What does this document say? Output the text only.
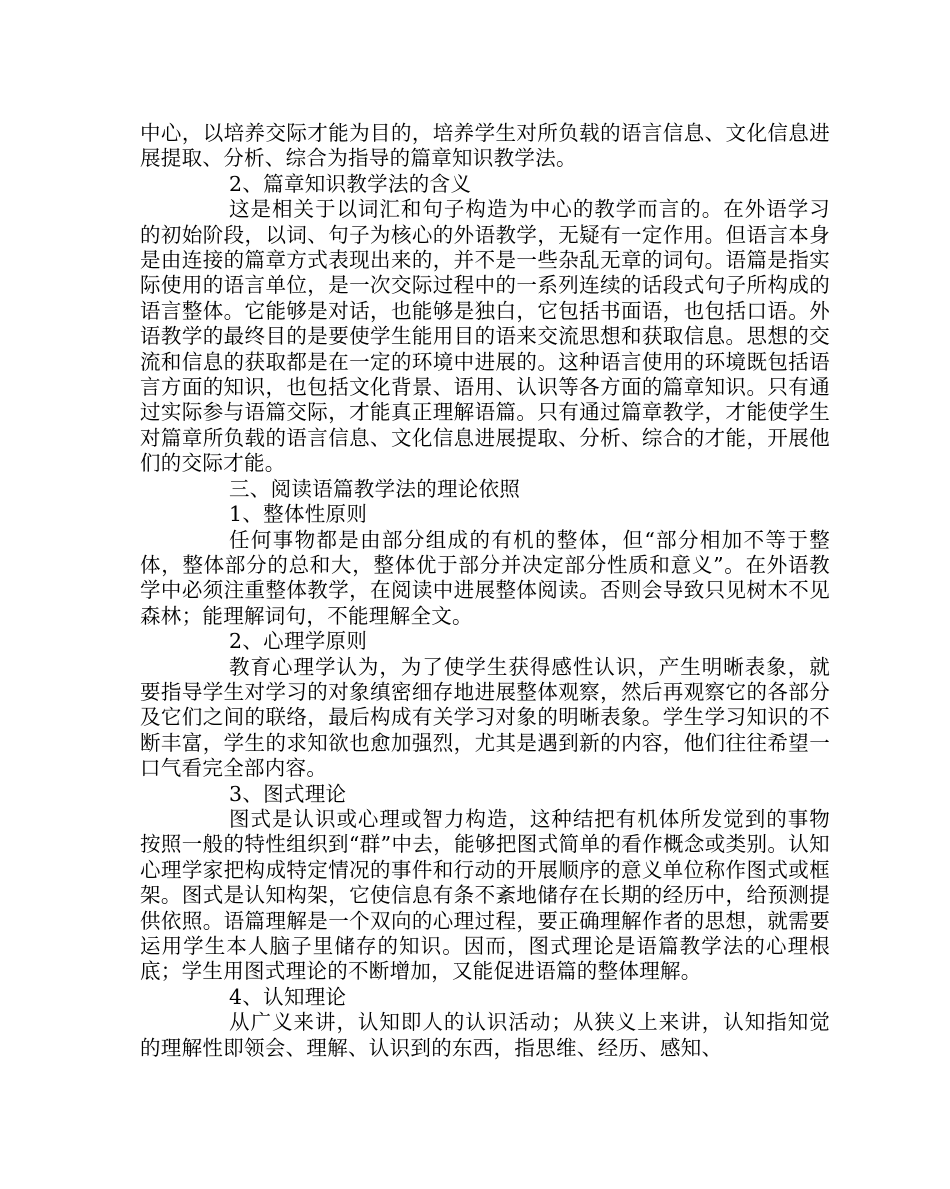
中心，以培养交际才能为目的，培养学生对所负载的语言信息、文化信息进展提取、分析、综合为指导的篇章知识教学法。

2、篇章知识教学法的含义

这是相关于以词汇和句子构造为中心的教学而言的。在外语学习的初始阶段，以词、句子为核心的外语教学，无疑有一定作用。但语言本身是由连接的篇章方式表现出来的，并不是一些杂乱无章的词句。语篇是指实际使用的语言单位，是一次交际过程中的一系列连续的话段式句子所构成的语言整体。它能够是对话，也能够是独白，它包括书面语，也包括口语。外语教学的最终目的是要使学生能用目的语来交流思想和获取信息。思想的交流和信息的获取都是在一定的环境中进展的。这种语言使用的环境既包括语言方面的知识，也包括文化背景、语用、认识等各方面的篇章知识。只有通过实际参与语篇交际，才能真正理解语篇。只有通过篇章教学，才能使学生对篇章所负载的语言信息、文化信息进展提取、分析、综合的才能，开展他们的交际才能。

三、阅读语篇教学法的理论依照

1、整体性原则

任何事物都是由部分组成的有机的整体，但“部分相加不等于整体，整体部分的总和大，整体优于部分并决定部分性质和意义”。在外语教学中必须注重整体教学，在阅读中进展整体阅读。否则会导致只见树木不见森林；能理解词句，不能理解全文。

2、心理学原则

教育心理学认为，为了使学生获得感性认识，产生明晰表象，就要指导学生对学习的对象缜密细存地进展整体观察，然后再观察它的各部分及它们之间的联络，最后构成有关学习对象的明晰表象。学生学习知识的不断丰富，学生的求知欲也愈加强烈，尤其是遇到新的内容，他们往往希望一口气看完全部内容。

3、图式理论

图式是认识或心理或智力构造，这种结把有机体所发觉到的事物按照一般的特性组织到“群”中去，能够把图式简单的看作概念或类别。认知心理学家把构成特定情况的事件和行动的开展顺序的意义单位称作图式或框架。图式是认知构架，它使信息有条不紊地储存在长期的经历中，给预测提供依照。语篇理解是一个双向的心理过程，要正确理解作者的思想，就需要运用学生本人脑子里储存的知识。因而，图式理论是语篇教学法的心理根底；学生用图式理论的不断增加，又能促进语篇的整体理解。

4、认知理论

从广义来讲，认知即人的认识活动；从狭义上来讲，认知指知觉的理解性即领会、理解、认识到的东西，指思维、经历、感知、
